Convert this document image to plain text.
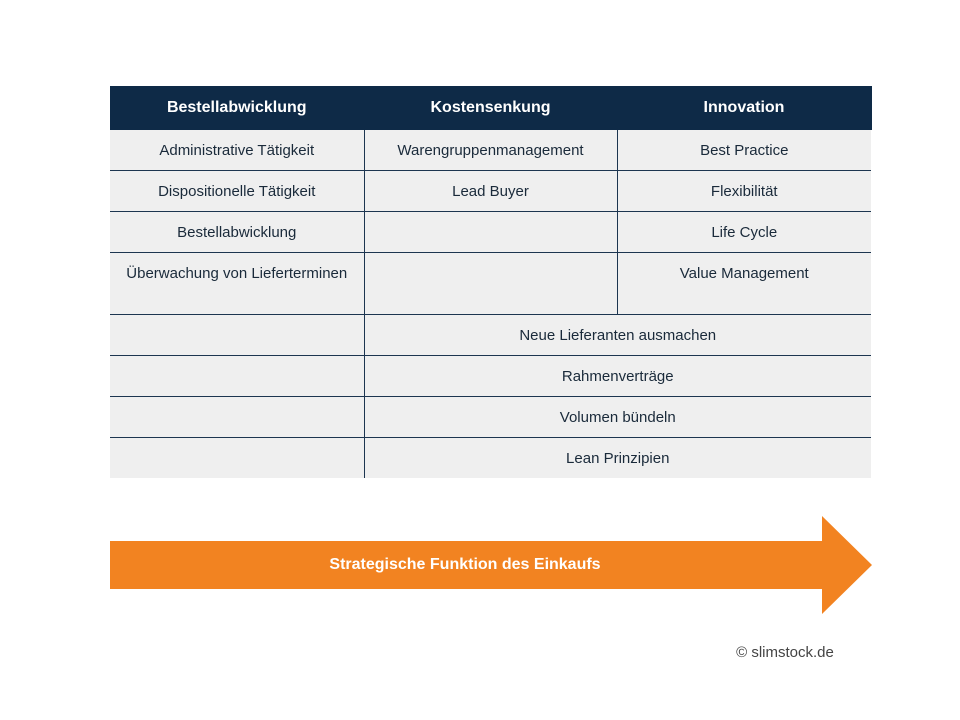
Bestellabwicklung	Kostensenkung	Innovation
Administrative Tätigkeit	Warengruppenmanagement	Best Practice
Dispositionelle Tätigkeit	Lead Buyer	Flexibilität
Bestellabwicklung		Life Cycle
Überwachung von Lieferterminen		Value Management
	Neue Lieferanten ausmachen	
	Rahmenverträge	
	Volumen bündeln	
	Lean Prinzipien	
Strategische Funktion des Einkaufs
© slimstock.de
